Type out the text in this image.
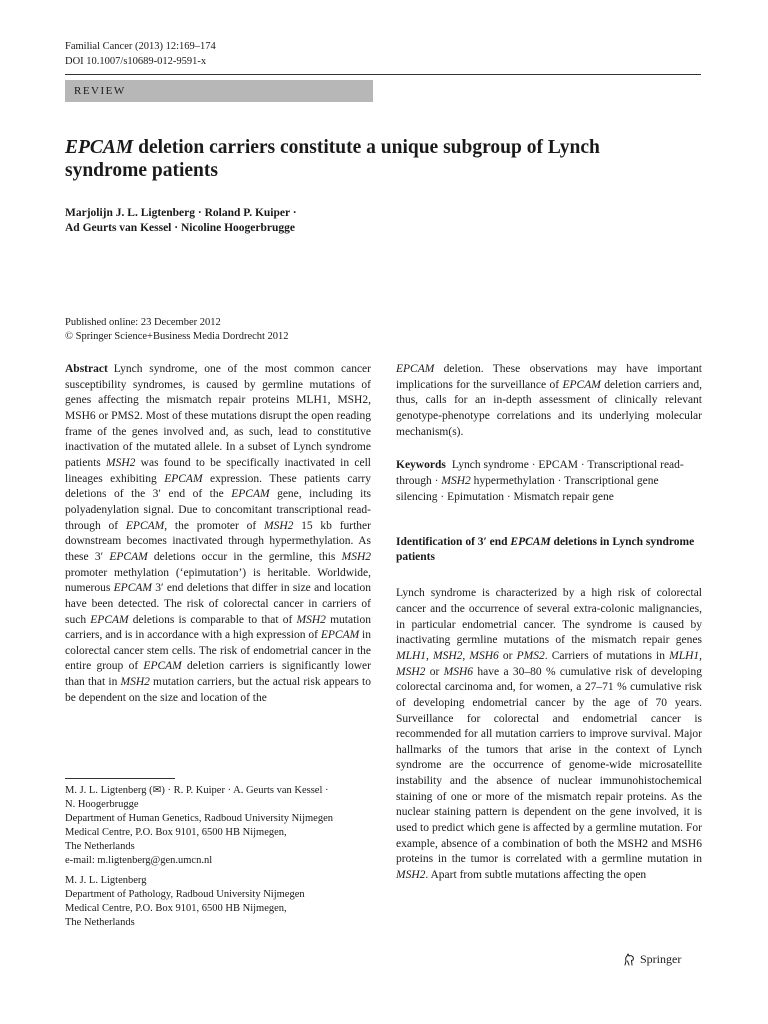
Familial Cancer (2013) 12:169–174
DOI 10.1007/s10689-012-9591-x
REVIEW
EPCAM deletion carriers constitute a unique subgroup of Lynch
syndrome patients
Marjolijn J. L. Ligtenberg · Roland P. Kuiper ·
Ad Geurts van Kessel · Nicoline Hoogerbrugge
Published online: 23 December 2012
© Springer Science+Business Media Dordrecht 2012

Abstract Lynch syndrome, one of the most common cancer susceptibility syndromes, is caused by germline mutations of genes affecting the mismatch repair proteins MLH1, MSH2, MSH6 or PMS2. Most of these mutations disrupt the open reading frame of the genes involved and, as such, lead to constitutive inactivation of the mutated allele. In a subset of Lynch syndrome patients MSH2 was found to be specifically inactivated in cell lineages exhibiting EPCAM expression. These patients carry deletions of the 3′ end of the EPCAM gene, including its polyadenylation signal. Due to concomitant transcriptional read-through of EPCAM, the promoter of MSH2 15 kb further downstream becomes inactivated through hypermethylation. As these 3′ EPCAM deletions occur in the germline, this MSH2 promoter methylation (‘epimutation’) is heritable. Worldwide, numerous EPCAM 3′ end deletions that differ in size and location have been detected. The risk of colorectal cancer in carriers of such EPCAM deletions is comparable to that of MSH2 mutation carriers, and is in accordance with a high expression of EPCAM in colorectal cancer stem cells. The risk of endometrial cancer in the entire group of EPCAM deletion carriers is significantly lower than that in MSH2 mutation carriers, but the actual risk appears to be dependent on the size and location of the

EPCAM deletion. These observations may have important implications for the surveillance of EPCAM deletion carriers and, thus, calls for an in-depth assessment of clinically relevant genotype-phenotype correlations and its underlying molecular mechanism(s).

Keywords Lynch syndrome · EPCAM · Transcriptional read-through · MSH2 hypermethylation · Transcriptional gene silencing · Epimutation · Mismatch repair gene

Identification of 3′ end EPCAM deletions in Lynch syndrome patients

Lynch syndrome is characterized by a high risk of colorectal cancer and the occurrence of several extra-colonic malignancies, in particular endometrial cancer. The syndrome is caused by inactivating germline mutations of the mismatch repair genes MLH1, MSH2, MSH6 or PMS2. Carriers of mutations in MLH1, MSH2 or MSH6 have a 30–80 % cumulative risk of developing colorectal carcinoma and, for women, a 27–71 % cumulative risk of developing endometrial cancer by the age of 70 years. Surveillance for colorectal and endometrial cancer is recommended for all mutation carriers to improve survival. Major hallmarks of the tumors that arise in the context of Lynch syndrome are the occurrence of genome-wide microsatellite instability and the absence of nuclear immunohistochemical staining of one or more of the mismatch repair proteins. As the nuclear staining pattern is dependent on the gene involved, it is used to predict which gene is affected by a germline mutation. For example, absence of a combination of both the MSH2 and MSH6 proteins in the tumor is correlated with a germline mutation in MSH2. Apart from subtle mutations affecting the open

M. J. L. Ligtenberg (✉) · R. P. Kuiper · A. Geurts van Kessel ·
N. Hoogerbrugge
Department of Human Genetics, Radboud University Nijmegen
Medical Centre, P.O. Box 9101, 6500 HB Nijmegen,
The Netherlands
e-mail: m.ligtenberg@gen.umcn.nl
M. J. L. Ligtenberg
Department of Pathology, Radboud University Nijmegen
Medical Centre, P.O. Box 9101, 6500 HB Nijmegen,
The Netherlands
Springer
